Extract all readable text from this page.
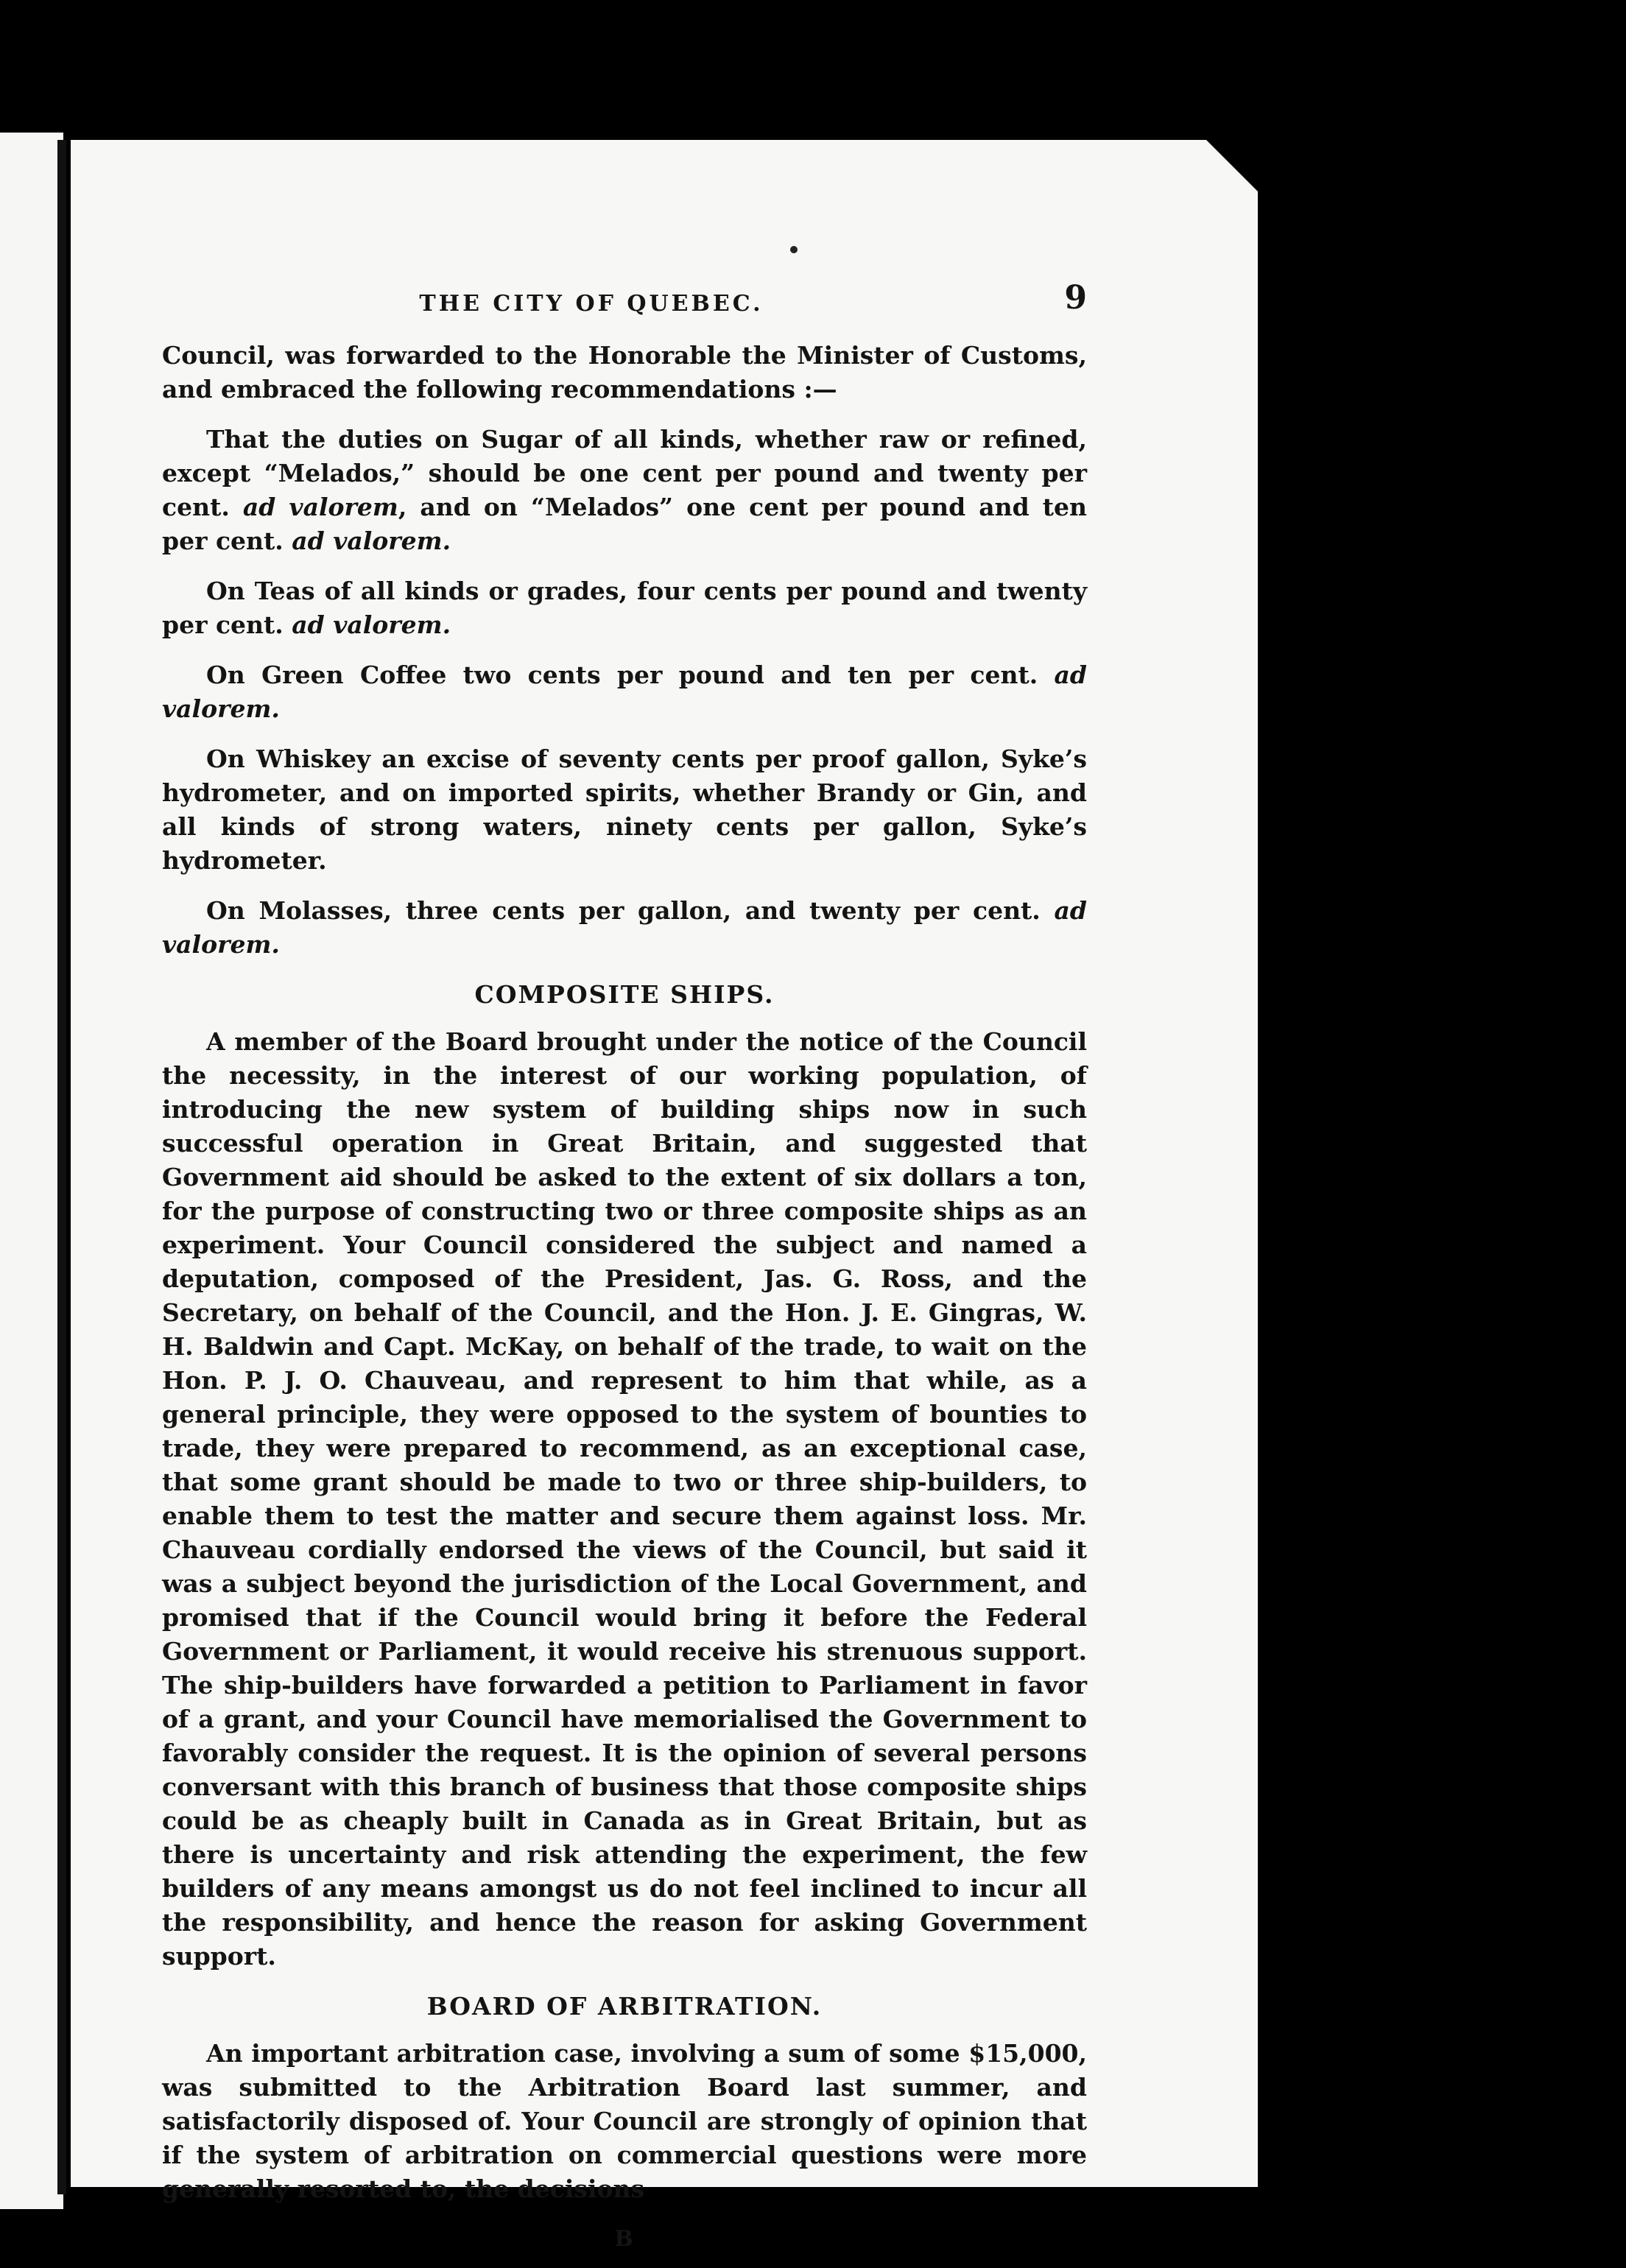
THE CITY OF QUEBEC.	9

Council, was forwarded to the Honorable the Minister of Customs, and embraced the following recommendations :—

That the duties on Sugar of all kinds, whether raw or refined, except “Melados,” should be one cent per pound and twenty per cent. ad valorem, and on “Melados” one cent per pound and ten per cent. ad valorem.

On Teas of all kinds or grades, four cents per pound and twenty per cent. ad valorem.

On Green Coffee two cents per pound and ten per cent. ad valorem.

On Whiskey an excise of seventy cents per proof gallon, Syke’s hydrometer, and on imported spirits, whether Brandy or Gin, and all kinds of strong waters, ninety cents per gallon, Syke’s hydrometer.

On Molasses, three cents per gallon, and twenty per cent. ad valorem.

COMPOSITE SHIPS.

A member of the Board brought under the notice of the Council the necessity, in the interest of our working population, of introducing the new system of building ships now in such successful operation in Great Britain, and suggested that Government aid should be asked to the extent of six dollars a ton, for the purpose of constructing two or three composite ships as an experiment. Your Council considered the subject and named a deputation, composed of the President, Jas. G. Ross, and the Secretary, on behalf of the Council, and the Hon. J. E. Gingras, W. H. Baldwin and Capt. McKay, on behalf of the trade, to wait on the Hon. P. J. O. Chauveau, and represent to him that while, as a general principle, they were opposed to the system of bounties to trade, they were prepared to recommend, as an exceptional case, that some grant should be made to two or three ship-builders, to enable them to test the matter and secure them against loss. Mr. Chauveau cordially endorsed the views of the Council, but said it was a subject beyond the jurisdiction of the Local Government, and promised that if the Council would bring it before the Federal Government or Parliament, it would receive his strenuous support. The ship-builders have forwarded a petition to Parliament in favor of a grant, and your Council have memorialised the Government to favorably consider the request. It is the opinion of several persons conversant with this branch of business that those composite ships could be as cheaply built in Canada as in Great Britain, but as there is uncertainty and risk attending the experiment, the few builders of any means amongst us do not feel inclined to incur all the responsibility, and hence the reason for asking Government support.

BOARD OF ARBITRATION.

An important arbitration case, involving a sum of some $15,000, was submitted to the Arbitration Board last summer, and satisfactorily disposed of. Your Council are strongly of opinion that if the system of arbitration on commercial questions were more generally resorted to, the decisions

B
